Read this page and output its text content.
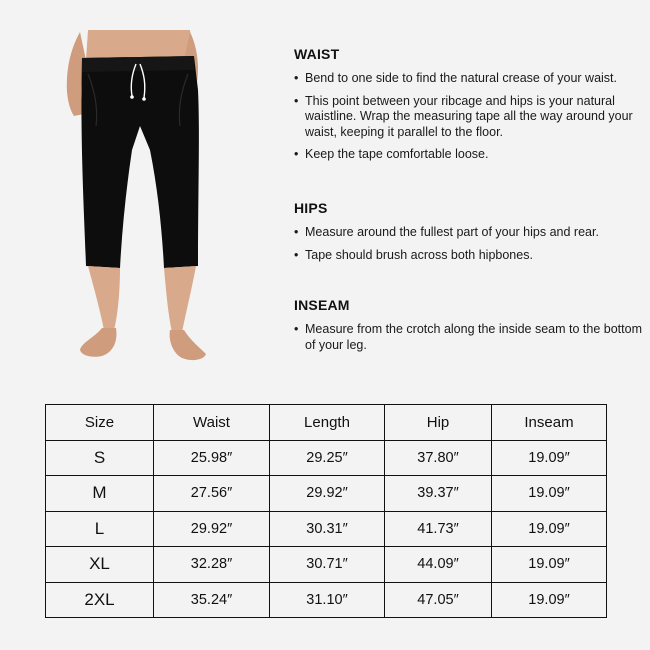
WAIST
• Bend to one side to find the natural crease of your waist.
• This point between your ribcage and hips is your natural waistline. Wrap the measuring tape all the way around your waist, keeping it parallel to the floor.
• Keep the tape comfortable loose.
HIPS
• Measure around the fullest part of your hips and rear.
• Tape should brush across both hipbones.
INSEAM
• Measure from the crotch along the inside seam to the bottom of your leg.
Size	Waist	Length	Hip	Inseam
S	25.98″	29.25″	37.80″	19.09″
M	27.56″	29.92″	39.37″	19.09″
L	29.92″	30.31″	41.73″	19.09″
XL	32.28″	30.71″	44.09″	19.09″
2XL	35.24″	31.10″	47.05″	19.09″
